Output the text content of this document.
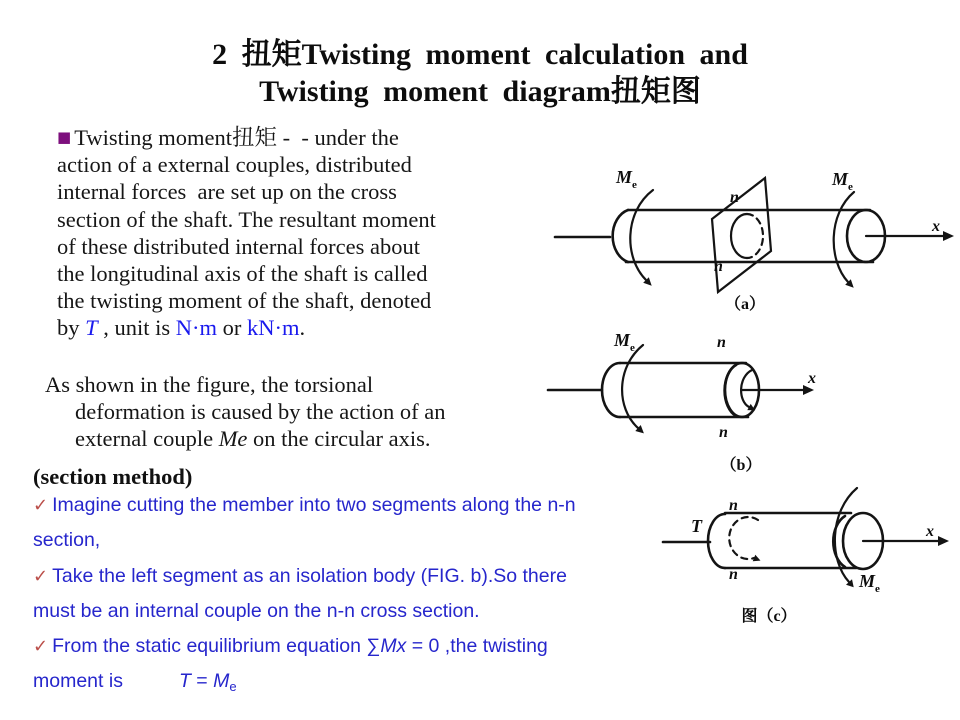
2 扭矩Twisting moment calculation and
Twisting moment diagram扭矩图
■ Twisting moment扭矩 -  - under the
action of a external couples, distributed
internal forces  are set up on the cross
section of the shaft. The resultant moment
of these distributed internal forces about
the longitudinal axis of the shaft is called
the twisting moment of the shaft, denoted
by T , unit is N·m or kN·m.
As shown in the figure, the torsional
deformation is caused by the action of an
external couple Me on the circular axis.
(section method)
✓ Imagine cutting the member into two segments along the n-n
section,
✓ Take the left segment as an isolation body (FIG. b).So there
must be an internal couple on the n-n cross section.
✓ From the static equilibrium equation ∑Mx = 0 ,the twisting
moment is	$T = M_e$
$M_e$	$M_e$
n
n
x
（a）
$M_e$	n
n
x
（b）
T
n
n	$M_e$
x
图（c）
